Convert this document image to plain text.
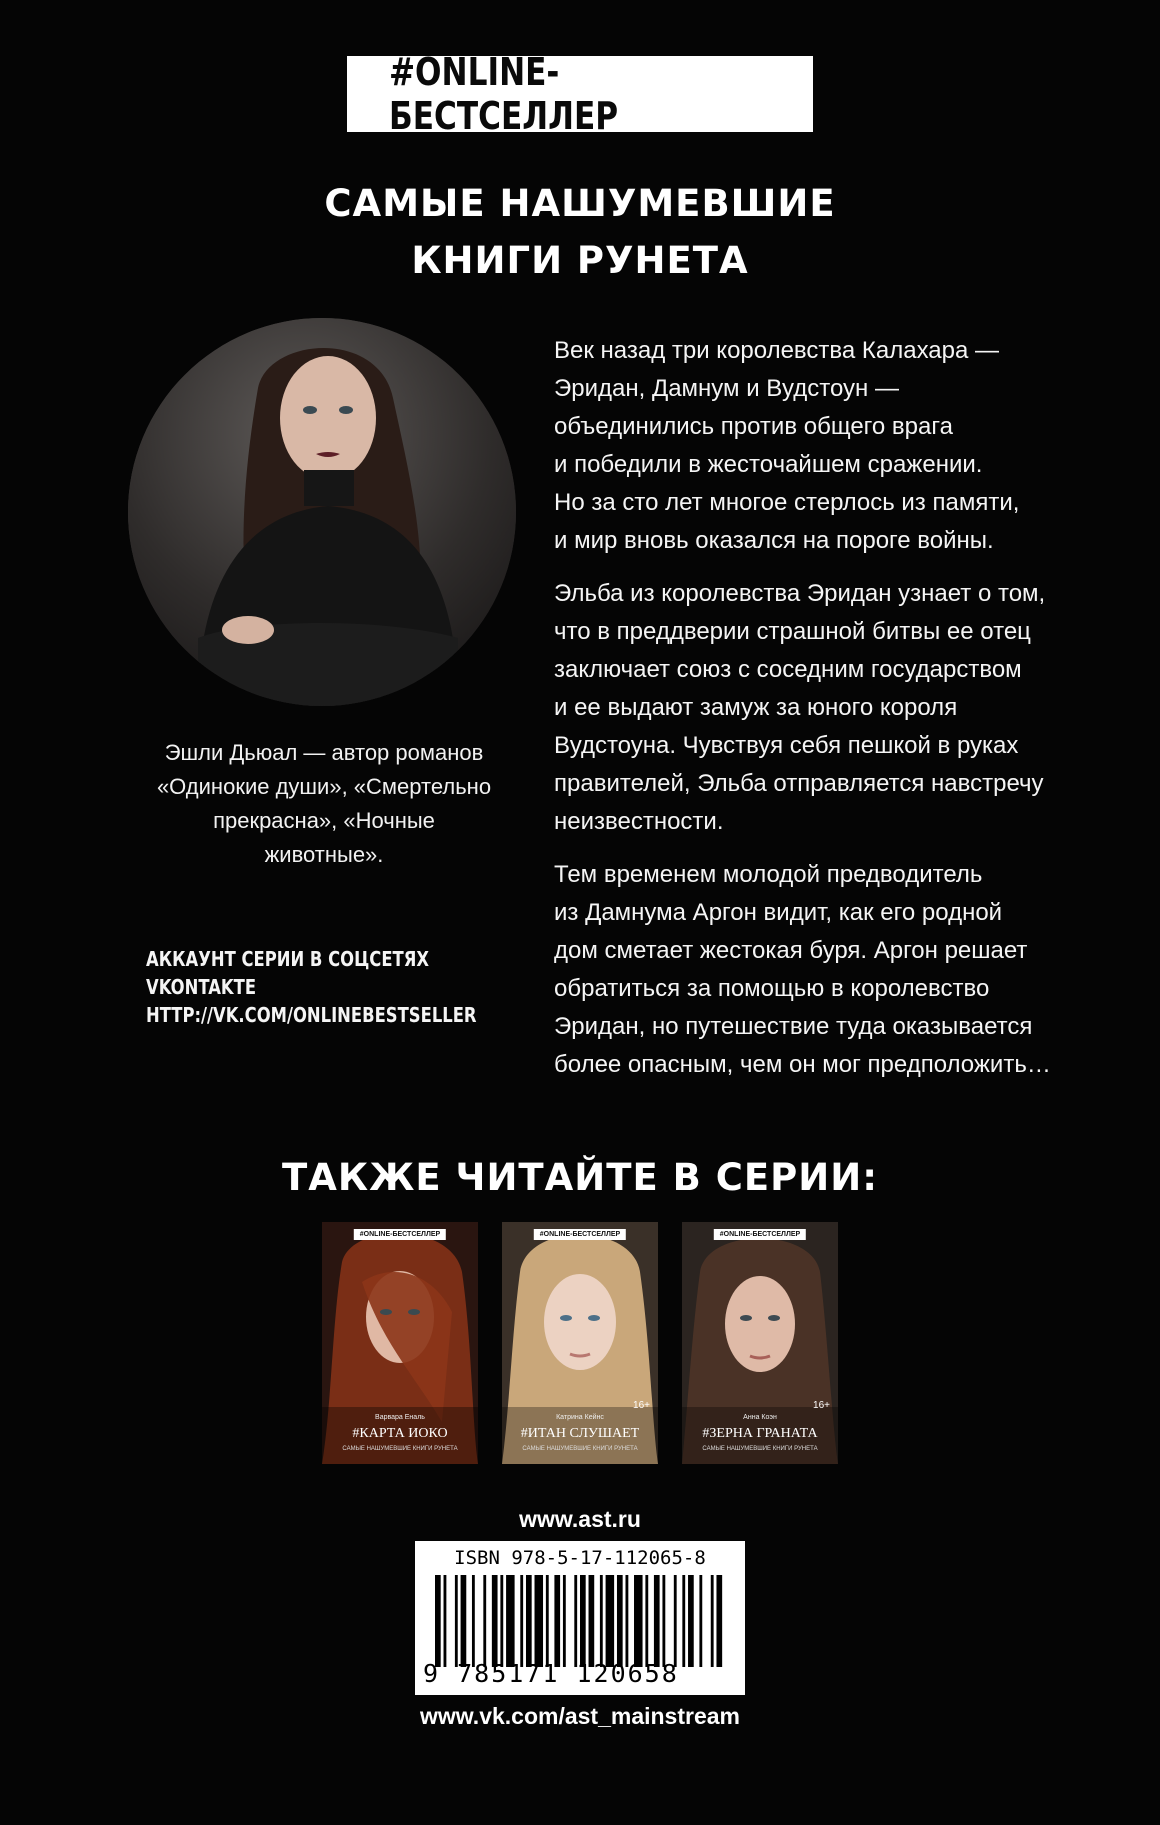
#ONLINE-БЕСТСЕЛЛЕР
САМЫЕ НАШУМЕВШИЕ
КНИГИ РУНЕТА
Эшли Дьюал — автор романов
«Одинокие души», «Смертельно
прекрасна», «Ночные
животные».
АККАУНТ СЕРИИ В СОЦСЕТЯХ
VKONTAKTE
HTTP://VK.COM/ONLINEBESTSELLER

Век назад три королевства Калахара —
Эридан, Дамнум и Вудстоун —
объединились против общего врага
и победили в жесточайшем сражении.
Но за сто лет многое стерлось из памяти,
и мир вновь оказался на пороге войны.

Эльба из королевства Эридан узнает о том,
что в преддверии страшной битвы ее отец
заключает союз с соседним государством
и ее выдают замуж за юного короля
Вудстоуна. Чувствуя себя пешкой в руках
правителей, Эльба отправляется навстречу
неизвестности.

Тем временем молодой предводитель
из Дамнума Аргон видит, как его родной
дом сметает жестокая буря. Аргон решает
обратиться за помощью в королевство
Эридан, но путешествие туда оказывается
более опасным, чем он мог предположить…

ТАКЖЕ ЧИТАЙТЕ В СЕРИИ:
#ONLINE-БЕСТСЕЛЛЕР
Варвара Еналь
#КАРТА ИОКО
САМЫЕ НАШУМЕВШИЕ КНИГИ РУНЕТА
#ONLINE-БЕСТСЕЛЛЕР
16+
Катрина Кейнс
#ИТАН СЛУШАЕТ
САМЫЕ НАШУМЕВШИЕ КНИГИ РУНЕТА
#ONLINE-БЕСТСЕЛЛЕР
16+
Анна Коэн
#ЗЕРНА ГРАНАТА
САМЫЕ НАШУМЕВШИЕ КНИГИ РУНЕТА
www.ast.ru
ISBN 978-5-17-112065-8
9 785171 120658
www.vk.com/ast_mainstream
